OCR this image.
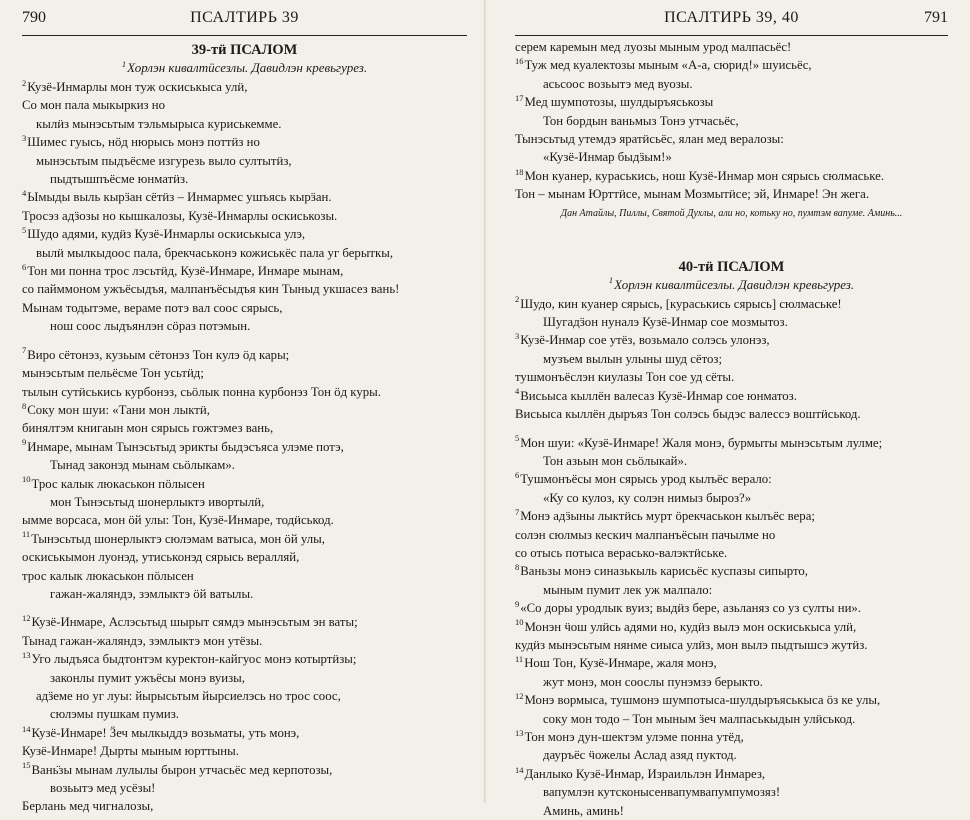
790	ПСАЛТИРЬ 39
39-тӥ ПСАЛОМ
$^1$Хорлэн кивалтӥсезлы. Давидлэн кревьгурез.
$^2$Кузё-Инмарлы мон туж оскиськыса улӥ,
Со мон пала мыкыркиз но
кылӥз мынэсьтым тэльмырыса куриськемме.
$^3$Шимес гуысь, нӧд нюрысь монэ поттӥз но
мынэсьтым пыдъёсме изгурезь выло султытӥз,
пыдтышпъёсме юнматӥз.
$^4$Ымыды выль кырӟан сётӥз – Инмармес ушъясь кырӟан.
Тросэз адӟозы но кышкалозы, Кузё-Инмарлы оскиськозы.
$^5$Шудо адями, кудӥз Кузё-Инмарлы оскиськыса улэ,
вылӥ мылкыдоос пала, брекчаськонэ кожиськёс пала уг берыткы,
$^6$Тон ми понна трос лэсьтӥд, Кузё-Инмаре, Инмаре мынам,
со пайммоном ужъёсыдъя, малпанъёсыдъя кин Тыныд укшасез вань!
Мынам тодытэме, вераме потэ вал соос сярысь,
нош соос лыдъянлэн сӧраз потэмын.
$^7$Виро сётонэз, кузьым сётонэз Тон кулэ ӧд кары;
мынэсьтым пельёсме Тон усьтӥд;
тылын сутӥськись курбонэз, сьӧлык понна курбонэз Тон ӧд куры.
$^8$Соку мон шуи: «Тани мон лыктӥ,
бинялтэм книгаын мон сярысь гожтэмез вань,
$^9$Инмаре, мынам Тынэсьтыд эрикты быдэсъяса улэме потэ,
Тынад законэд мынам сьӧлыкам».
$^{10}$Трос калык люкаськон пӧлысен
мон Тынэсьтыд шонерлыктэ ивортылӥ,
ымме ворсаса, мон ӧй улы: Тон, Кузё-Инмаре, тодӥськод.
$^{11}$Тынэсьтыд шонерлыктэ сюлэмам ватыса, мон ӧй улы,
оскиськымон луонэд, утиськонэд сярысь вералляй,
трос калык люкаськон пӧлысен
гажан-жаляндэ, зэмлыктэ ӧй ватылы.
$^{12}$Кузё-Инмаре, Аслэсьтыд шырыт сямдэ мынэсьтым эн ваты;
Тынад гажан-жаляндэ, зэмлыктэ мон утёзы.
$^{13}$Уго лыдъяса быдтонтэм куректон-кайгуос монэ котыртӥзы;
законлы пумит ужъёсы монэ вуизы,
адӟеме но уг луы: йырысьтым йырсиелэсь но трос соос,
сюлэмы пушкам пумиз.
$^{14}$Кузё-Инмаре! Ӟеч мылкыддэ возьматы, уть монэ,
Кузё-Инмаре! Дырты мыным юрттыны.
$^{15}$Вань̈зы мынам лулылы бырон утчасьёс мед керпотозы,
возьытэ мед усёзы!
Берлань мед чигналозы,
ПСАЛТИРЬ 39, 40	791
серем каремын мед луозы мыным урод малпасьёс!
$^{16}$Туж мед куалектозы мыным «А-а, сюрид!» шуисьёс,
асьсоос возьытэ мед вуозы.
$^{17}$Мед шумпотозы, шулдыръяськозы
Тон бордын ваньмыз Тонэ утчасьёс,
Тынэсьтыд утемдэ яратӥсьёс, ялан мед вералозы:
«Кузё-Инмар быдӟым!»
$^{18}$Мон куанер, кураськись, нош Кузё-Инмар мон сярысь сюлмаське.
Тон – мынам Юрттӥсе, мынам Мозмытӥсе; эй, Инмаре! Эн жега.
Дан Атайлы, Пиллы, Святой Духлы, али но, котьку но, пумтэм вапуме. Аминь...
40-тӥ ПСАЛОМ
$^1$Хорлэн кивалтӥсезлы. Давидлэн кревьгурез.
$^2$Шудо, кин куанер сярысь, [кураськись сярысь] сюлмаське!
Шугадӟон нуналэ Кузё-Инмар сое мозмытоз.
$^3$Кузё-Инмар сое утёз, возьмало солэсь улонэз,
музъем вылын улыны шуд сётоз;
тушмонъёслэн киулазы Тон сое уд сёты.
$^4$Висьыса кыллён валесаз Кузё-Инмар сое юнматоз.
Висьыса кыллён дыръяз Тон солэсь быдэс валессэ воштӥськод.
$^5$Мон шуи: «Кузё-Инмаре! Жаля монэ, бурмыты мынэсьтым лулме;
Тон азьын мон сьӧлыкай».
$^6$Тушмонъёсы мон сярысь урод кылъёс верало:
«Ку со кулоз, ку солэн нимыз быроз?»
$^7$Монэ адӟыны лыктӥсь мурт ӧрекчаськон кылъёс вера;
солэн сюлмыз кескич малпанъёсын пачылме но
со отысь потыса верасько-валэктӥське.
$^8$Ваньзы монэ синазькыль карисьёс куспазы сипырто,
мыным пумит лек уж малпало:
$^9$«Со доры уродлык вуиз; выдӥз бере, азьланяз со уз султы ни».
$^{10}$Монэн ӵош улӥсь адями но, кудӥз вылэ мон оскиськыса улӥ,
кудӥз мынэсьтым нянме сиыса улӥз, мон вылэ пыдтышсэ жутӥз.
$^{11}$Нош Тон, Кузё-Инмаре, жаля монэ,
жут монэ, мон соослы пунэмзэ берыкто.
$^{12}$Монэ вормыса, тушмонэ шумпотыса-шулдыръяськыса ӧз ке улы,
соку мон тодо – Тон мыным ӟеч малпаськыдын улӥськод.
$^{13}$Тон монэ дун-шектэм улэме понна утёд,
дауръёс ӵожелы Аслад азяд пуктод.
$^{14}$Данлыко Кузё-Инмар, Израильлэн Инмарез,
вапумлэн кутсконысенвапумвапумпумозяз!
Аминь, аминь!
